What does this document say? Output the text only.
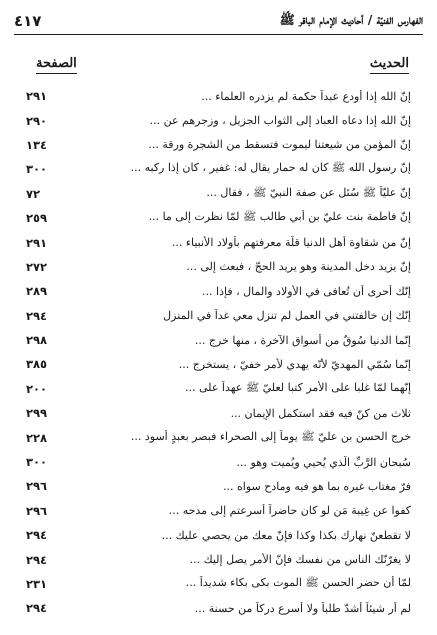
٤١٧	الفهارس الفنيّة / أحاديث الإمام الباقر ﷺ
الصفحة	الحديث
٢٩١	إنّ الله إذا أودع عبداً حكمة لم يزدره العلماء ...
٢٩٠	إنّ الله إذا دعاه العباد إلى الثواب الجزيل ، وزجرهم عن ...
١٣٤	إنّ المؤمن من شيعتنا ليموت فتسقط من الشجرة ورقة ...
٣٠٠	إنّ رسول الله ﷺ كان له حمار يقال له: غفير ، كان إذا ركبه ...
٧٢	إنّ عليّاً ﷺ سُئل عن صفة النبيّ ﷺ ، فقال ...
٢٥٩	إنّ فاطمة بنت عليّ بن أبي طالب ﷺ لمّا نظرت إلى ما ...
٢٩١	إنّ من شقاوة أهل الدنيا قلّة معرفتهم بأولاد الأنبياء ...
٢٧٢	إنّ يزيد دخل المدينة وهو يريد الحجّ ، فبعث إلى ...
٢٨٩	إنّك أحرى أن تُعافى في الأولاد والمال ، فإذا ...
٢٩٤	إنّك إن خالفتني في العمل لم تنزل معي غداً في المنزل
٢٩٨	إنّما الدنيا سُوقٌ من أسواق الآخرة ، منها خرج ...
٣٨٥	إنّما سُمّي المهديّ لأنّه يهدي لأمر خفيّ ، يستخرج ...
٢٠٠	إنّهما لمّا غلبا على الأمر كتبا لعليّ ﷺ عهداً على ...
٢٩٩	ثلاث من كنّ فيه فقد استكمل الإيمان ...
٢٢٨	خرج الحسن بن عليّ ﷺ يوماً إلى الصحراء فبصر بعبدٍ أسود ...
٣٠٠	سُبحان الرَّبِّ الَّذي يُحيي ويُميت وهو ...
٢٩٦	فرّ مغتاب غيره بما هو فيه ومادح سواه ...
٢٩٦	كفوا عن غِيبة مَن لو كان حاضراً أسرعتم إلى مدحه ...
٢٩٤	لا تقطعنّ نهارك بكذا وكذا فإنّ معك من يحصي عليك ...
٢٩٤	لا يغرّنّك الناس من نفسك فإنّ الأمر يصل إليك ...
٢٣١	لمّا أن حضر الحسن ﷺ الموت بكى بكاء شديداً ...
٢٩٤	لم أر شيئاً أشدّ طلباً ولا أسرع دركاً من حسنة ...
